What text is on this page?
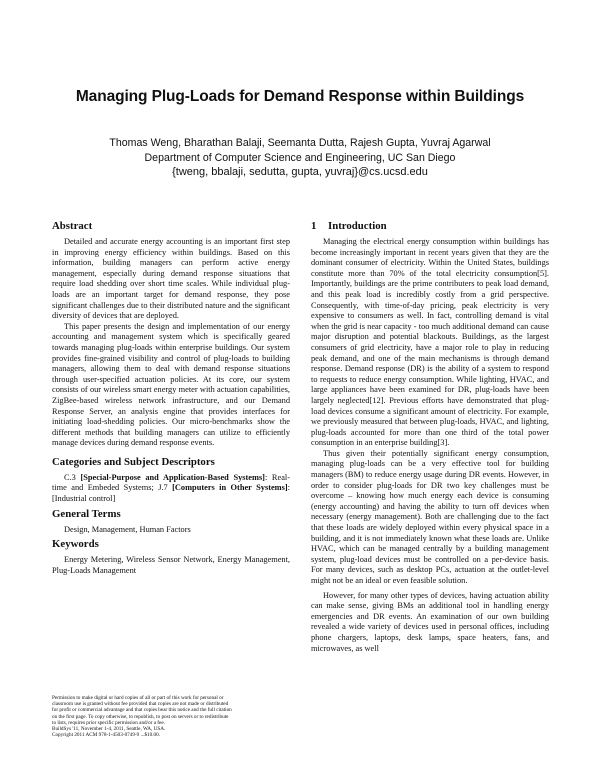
Managing Plug-Loads for Demand Response within Buildings
Thomas Weng, Bharathan Balaji, Seemanta Dutta, Rajesh Gupta, Yuvraj Agarwal
Department of Computer Science and Engineering, UC San Diego
{tweng, bbalaji, sedutta, gupta, yuvraj}@cs.ucsd.edu
Abstract

Detailed and accurate energy accounting is an important first step in improving energy efficiency within buildings. Based on this information, building managers can perform active energy management, especially during demand response situations that require load shedding over short time scales. While individual plug-loads are an important target for demand response, they pose significant challenges due to their distributed nature and the significant diversity of devices that are deployed.

This paper presents the design and implementation of our energy accounting and management system which is specifically geared towards managing plug-loads within enterprise buildings. Our system provides fine-grained visibility and control of plug-loads to building managers, allowing them to deal with demand response situations through user-specified actuation policies. At its core, our system consists of our wireless smart energy meter with actuation capabilities, ZigBee-based wireless network infrastructure, and our Demand Response Server, an analysis engine that provides interfaces for initiating load-shedding policies. Our micro-benchmarks show the different methods that building managers can utilize to efficiently manage devices during demand response events.

Categories and Subject Descriptors

C.3 [Special-Purpose and Application-Based Systems]: Real-time and Embeded Systems; J.7 [Computers in Other Systems]: [Industrial control]

General Terms

Design, Management, Human Factors

Keywords

Energy Metering, Wireless Sensor Network, Energy Management, Plug-Loads Management

Permission to make digital or hard copies of all or part of this work for personal or
classroom use is granted without fee provided that copies are not made or distributed
for profit or commercial advantage and that copies bear this notice and the full citation
on the first page. To copy otherwise, to republish, to post on servers or to redistribute
to lists, requires prior specific permission and/or a fee.
BuildSys '11, November 1-4, 2011, Seattle, WA, USA.
Copyright 2011 ACM 978-1-4503-0749-9 ...$10.00.
1 Introduction

Managing the electrical energy consumption within buildings has become increasingly important in recent years given that they are the dominant consumer of electricity. Within the United States, buildings constitute more than 70% of the total electricity consumption[5]. Importantly, buildings are the prime contributers to peak load demand, and this peak load is incredibly costly from a grid perspective. Consequently, with time-of-day pricing, peak electricity is very expensive to consumers as well. In fact, controlling demand is vital when the grid is near capacity - too much additional demand can cause major disruption and potential blackouts. Buildings, as the largest consumers of grid electricity, have a major role to play in reducing peak demand, and one of the main mechanisms is through demand response. Demand response (DR) is the ability of a system to respond to requests to reduce energy consumption. While lighting, HVAC, and large appliances have been examined for DR, plug-loads have been largely neglected[12]. Previous efforts have demonstrated that plug-load devices consume a significant amount of electricity. For example, we previously measured that between plug-loads, HVAC, and lighting, plug-loads accounted for more than one third of the total power consumption in an enterprise building[3].

Thus given their potentially significant energy consumption, managing plug-loads can be a very effective tool for building managers (BM) to reduce energy usage during DR events. However, in order to consider plug-loads for DR two key challenges must be overcome – knowing how much energy each device is consuming (energy accounting) and having the ability to turn off devices when necessary (energy management). Both are challenging due to the fact that these loads are widely deployed within every physical space in a building, and it is not immediately known what these loads are. Unlike HVAC, which can be managed centrally by a building management system, plug-load devices must be controlled on a per-device basis. For many devices, such as desktop PCs, actuation at the outlet-level might not be an ideal or even feasible solution.

However, for many other types of devices, having actuation ability can make sense, giving BMs an additional tool in handling energy emergencies and DR events. An examination of our own building revealed a wide variety of devices used in personal offices, including phone chargers, laptops, desk lamps, space heaters, fans, and microwaves, as well
